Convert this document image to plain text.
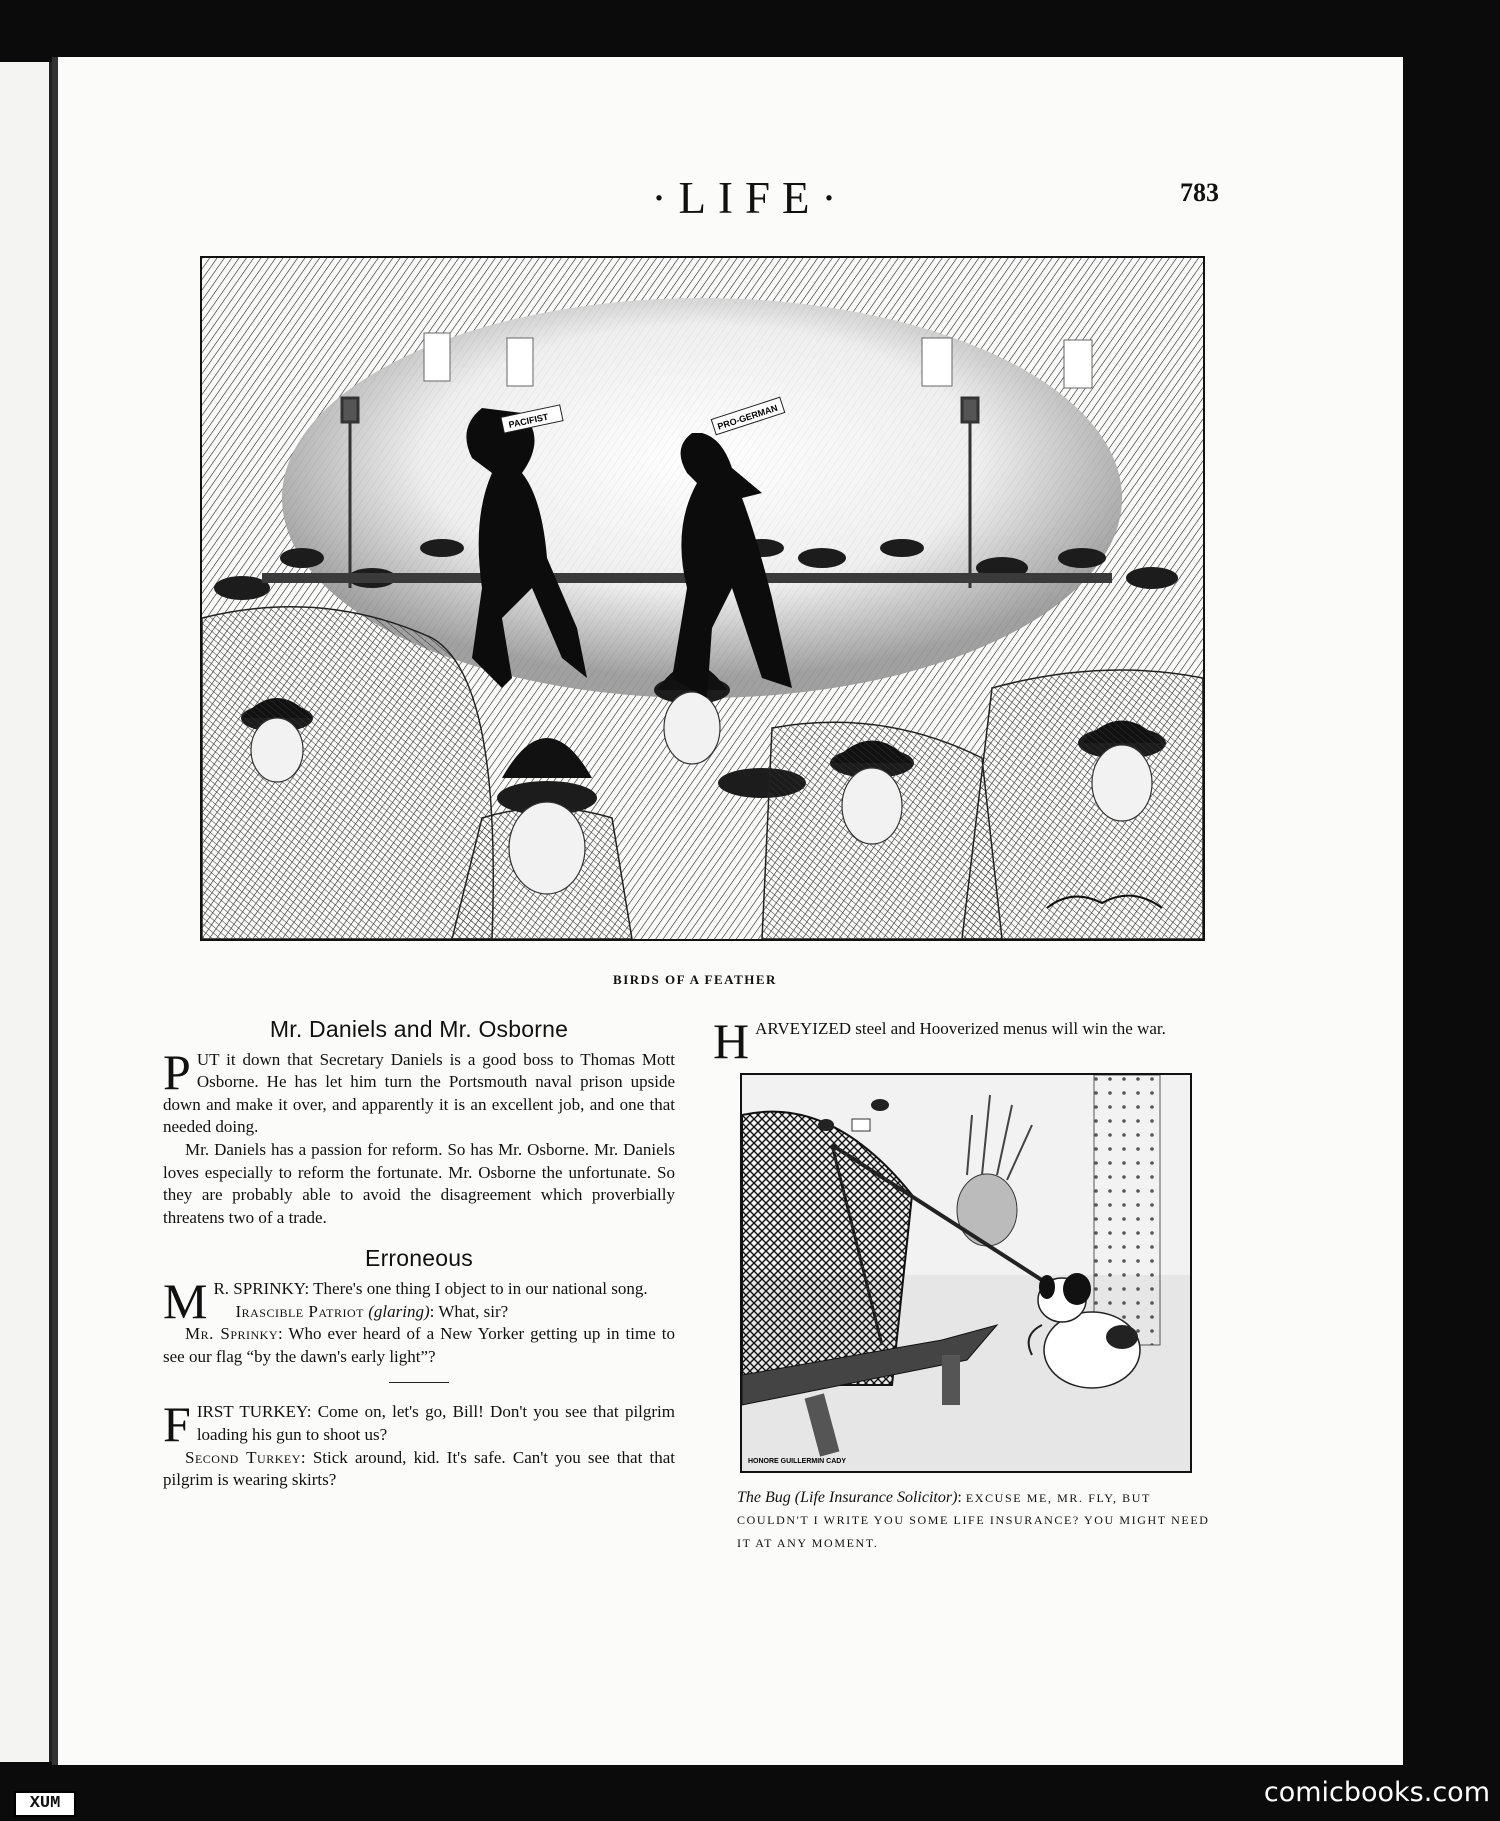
·LIFE·	783
PACIFIST	PRO-GERMAN
BIRDS OF A FEATHER
Mr. Daniels and Mr. Osborne

PUT it down that Secretary Daniels is a good boss to Thomas Mott Osborne. He has let him turn the Portsmouth naval prison upside down and make it over, and apparently it is an excellent job, and one that needed doing.

Mr. Daniels has a passion for reform. So has Mr. Osborne. Mr. Daniels loves especially to reform the fortunate. Mr. Osborne the unfortunate. So they are probably able to avoid the disagreement which proverbially threatens two of a trade.

Erroneous

M R. SPRINKY: There's one thing I object to in our national song.

Irascible Patriot (glaring): What, sir?

Mr. Sprinky: Who ever heard of a New Yorker getting up in time to see our flag “by the dawn's early light”?

FIRST TURKEY: Come on, let's go, Bill! Don't you see that pilgrim loading his gun to shoot us?

Second Turkey: Stick around, kid. It's safe. Can't you see that that pilgrim is wearing skirts?

HARVEYIZED steel and Hooverized menus will win the war.

HONORE GUILLERMIN CADY

The Bug (Life Insurance Solicitor): EXCUSE ME, MR. FLY, BUT COULDN'T I WRITE YOU SOME LIFE INSURANCE? YOU MIGHT NEED IT AT ANY MOMENT.

XUM	comicbooks.com
